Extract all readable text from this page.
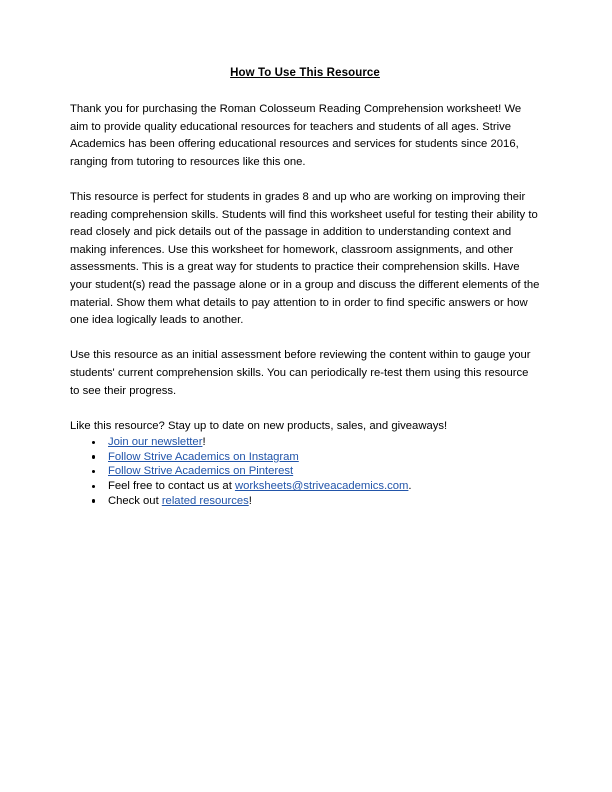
How To Use This Resource

Thank you for purchasing the Roman Colosseum Reading Comprehension worksheet! We aim to provide quality educational resources for teachers and students of all ages. Strive Academics has been offering educational resources and services for students since 2016, ranging from tutoring to resources like this one.

This resource is perfect for students in grades 8 and up who are working on improving their reading comprehension skills. Students will find this worksheet useful for testing their ability to read closely and pick details out of the passage in addition to understanding context and making inferences. Use this worksheet for homework, classroom assignments, and other assessments. This is a great way for students to practice their comprehension skills. Have your student(s) read the passage alone or in a group and discuss the different elements of the material. Show them what details to pay attention to in order to find specific answers or how one idea logically leads to another.

Use this resource as an initial assessment before reviewing the content within to gauge your students' current comprehension skills. You can periodically re-test them using this resource to see their progress.

Like this resource? Stay up to date on new products, sales, and giveaways!

Join our newsletter!
Follow Strive Academics on Instagram
Follow Strive Academics on Pinterest
Feel free to contact us at worksheets@striveacademics.com.
Check out related resources!
